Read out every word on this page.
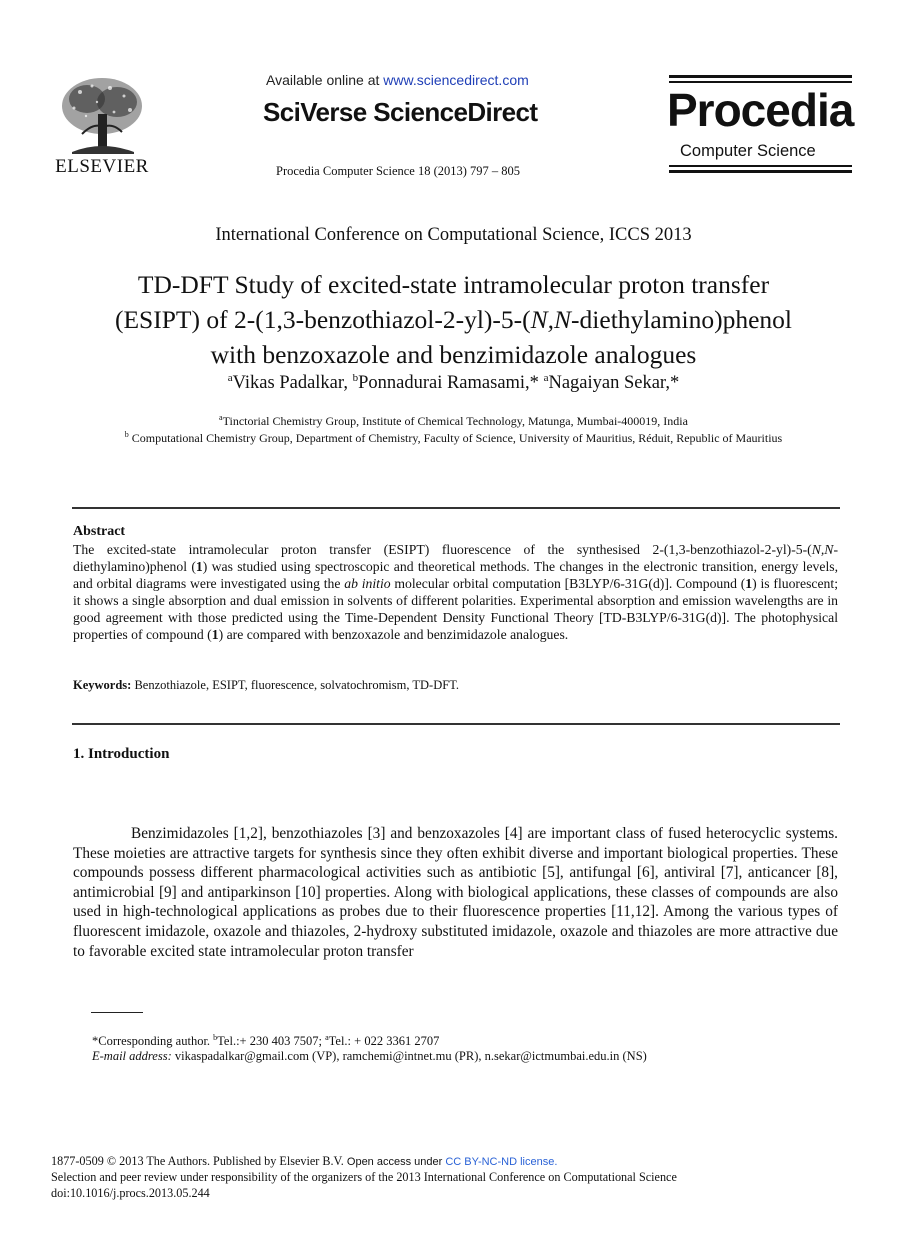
ELSEVIER
Available online at www.sciencedirect.com
SciVerse ScienceDirect
Procedia Computer Science 18 (2013) 797 – 805
Procedia
Computer Science
International Conference on Computational Science, ICCS 2013
TD-DFT Study of excited-state intramolecular proton transfer
(ESIPT) of 2-(1,3-benzothiazol-2-yl)-5-(N,N-diethylamino)phenol
with benzoxazole and benzimidazole analogues
$^a$Vikas Padalkar, $^b$Ponnadurai Ramasami,* $^a$Nagaiyan Sekar,*
$^a$Tinctorial Chemistry Group, Institute of Chemical Technology, Matunga, Mumbai-400019, India
$^b$ Computational Chemistry Group, Department of Chemistry, Faculty of Science, University of Mauritius, Réduit, Republic of Mauritius
Abstract
The excited-state intramolecular proton transfer (ESIPT) fluorescence of the synthesised 2-(1,3-benzothiazol-2-yl)-5-(N,N-diethylamino)phenol (1) was studied using spectroscopic and theoretical methods. The changes in the electronic transition, energy levels, and orbital diagrams were investigated using the ab initio molecular orbital computation [B3LYP/6-31G(d)]. Compound (1) is fluorescent; it shows a single absorption and dual emission in solvents of different polarities. Experimental absorption and emission wavelengths are in good agreement with those predicted using the Time-Dependent Density Functional Theory [TD-B3LYP/6-31G(d)]. The photophysical properties of compound (1) are compared with benzoxazole and benzimidazole analogues.
Keywords: Benzothiazole, ESIPT, fluorescence, solvatochromism, TD-DFT.
1. Introduction
Benzimidazoles [1,2], benzothiazoles [3] and benzoxazoles [4] are important class of fused heterocyclic systems. These moieties are attractive targets for synthesis since they often exhibit diverse and important biological properties. These compounds possess different pharmacological activities such as antibiotic [5], antifungal [6], antiviral [7], anticancer [8], antimicrobial [9] and antiparkinson [10] properties. Along with biological applications, these classes of compounds are also used in high-technological applications as probes due to their fluorescence properties [11,12]. Among the various types of fluorescent imidazole, oxazole and thiazoles, 2-hydroxy substituted imidazole, oxazole and thiazoles are more attractive due to favorable excited state intramolecular proton transfer
*Corresponding author. $^b$Tel.:+ 230 403 7507; $^a$Tel.: + 022 3361 2707
E-mail address: vikaspadalkar@gmail.com (VP), ramchemi@intnet.mu (PR), n.sekar@ictmumbai.edu.in (NS)
1877-0509 © 2013 The Authors. Published by Elsevier B.V. Open access under CC BY-NC-ND license.
Selection and peer review under responsibility of the organizers of the 2013 International Conference on Computational Science
doi:10.1016/j.procs.2013.05.244
